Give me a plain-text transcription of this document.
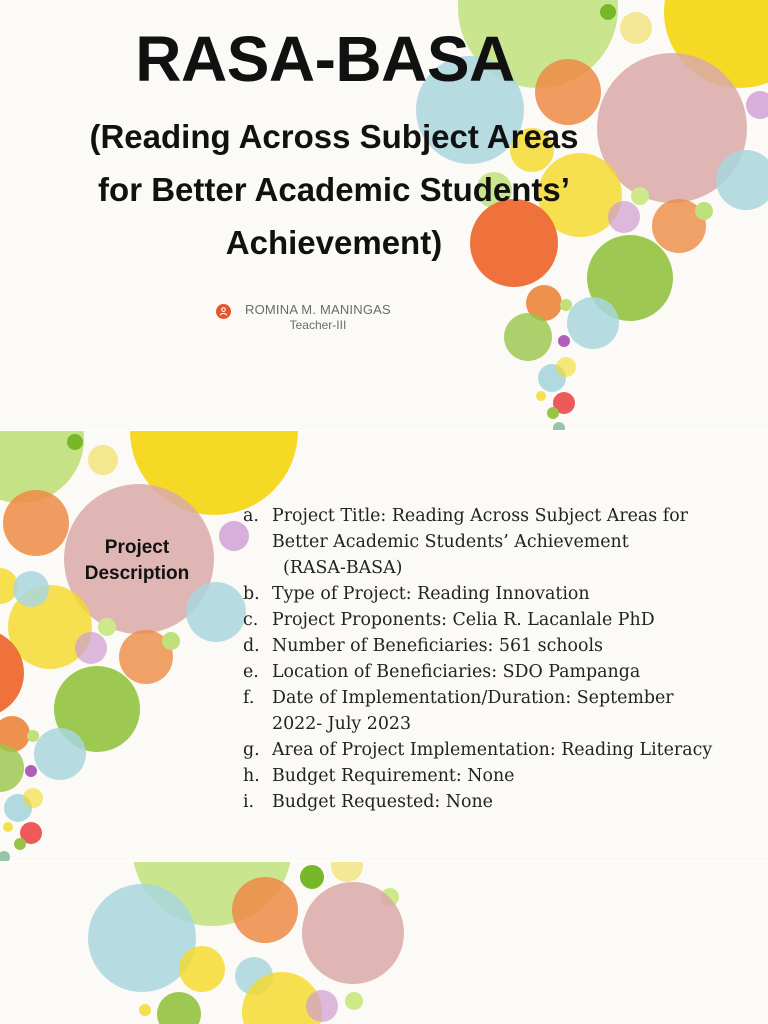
RASA-BASA
(Reading Across Subject Areas
for Better Academic Students’
Achievement)
ROMINA M. MANINGAS
Teacher-III
Project
Description
a. Project Title: Reading Across Subject Areas for
Better Academic Students’ Achievement
(RASA-BASA)
b. Type of Project: Reading Innovation
c. Project Proponents: Celia R. Lacanlale PhD
d. Number of Beneficiaries: 561 schools
e. Location of Beneficiaries: SDO Pampanga
f. Date of Implementation/Duration: September
2022- July 2023
g. Area of Project Implementation: Reading Literacy
h. Budget Requirement: None
i. Budget Requested: None
